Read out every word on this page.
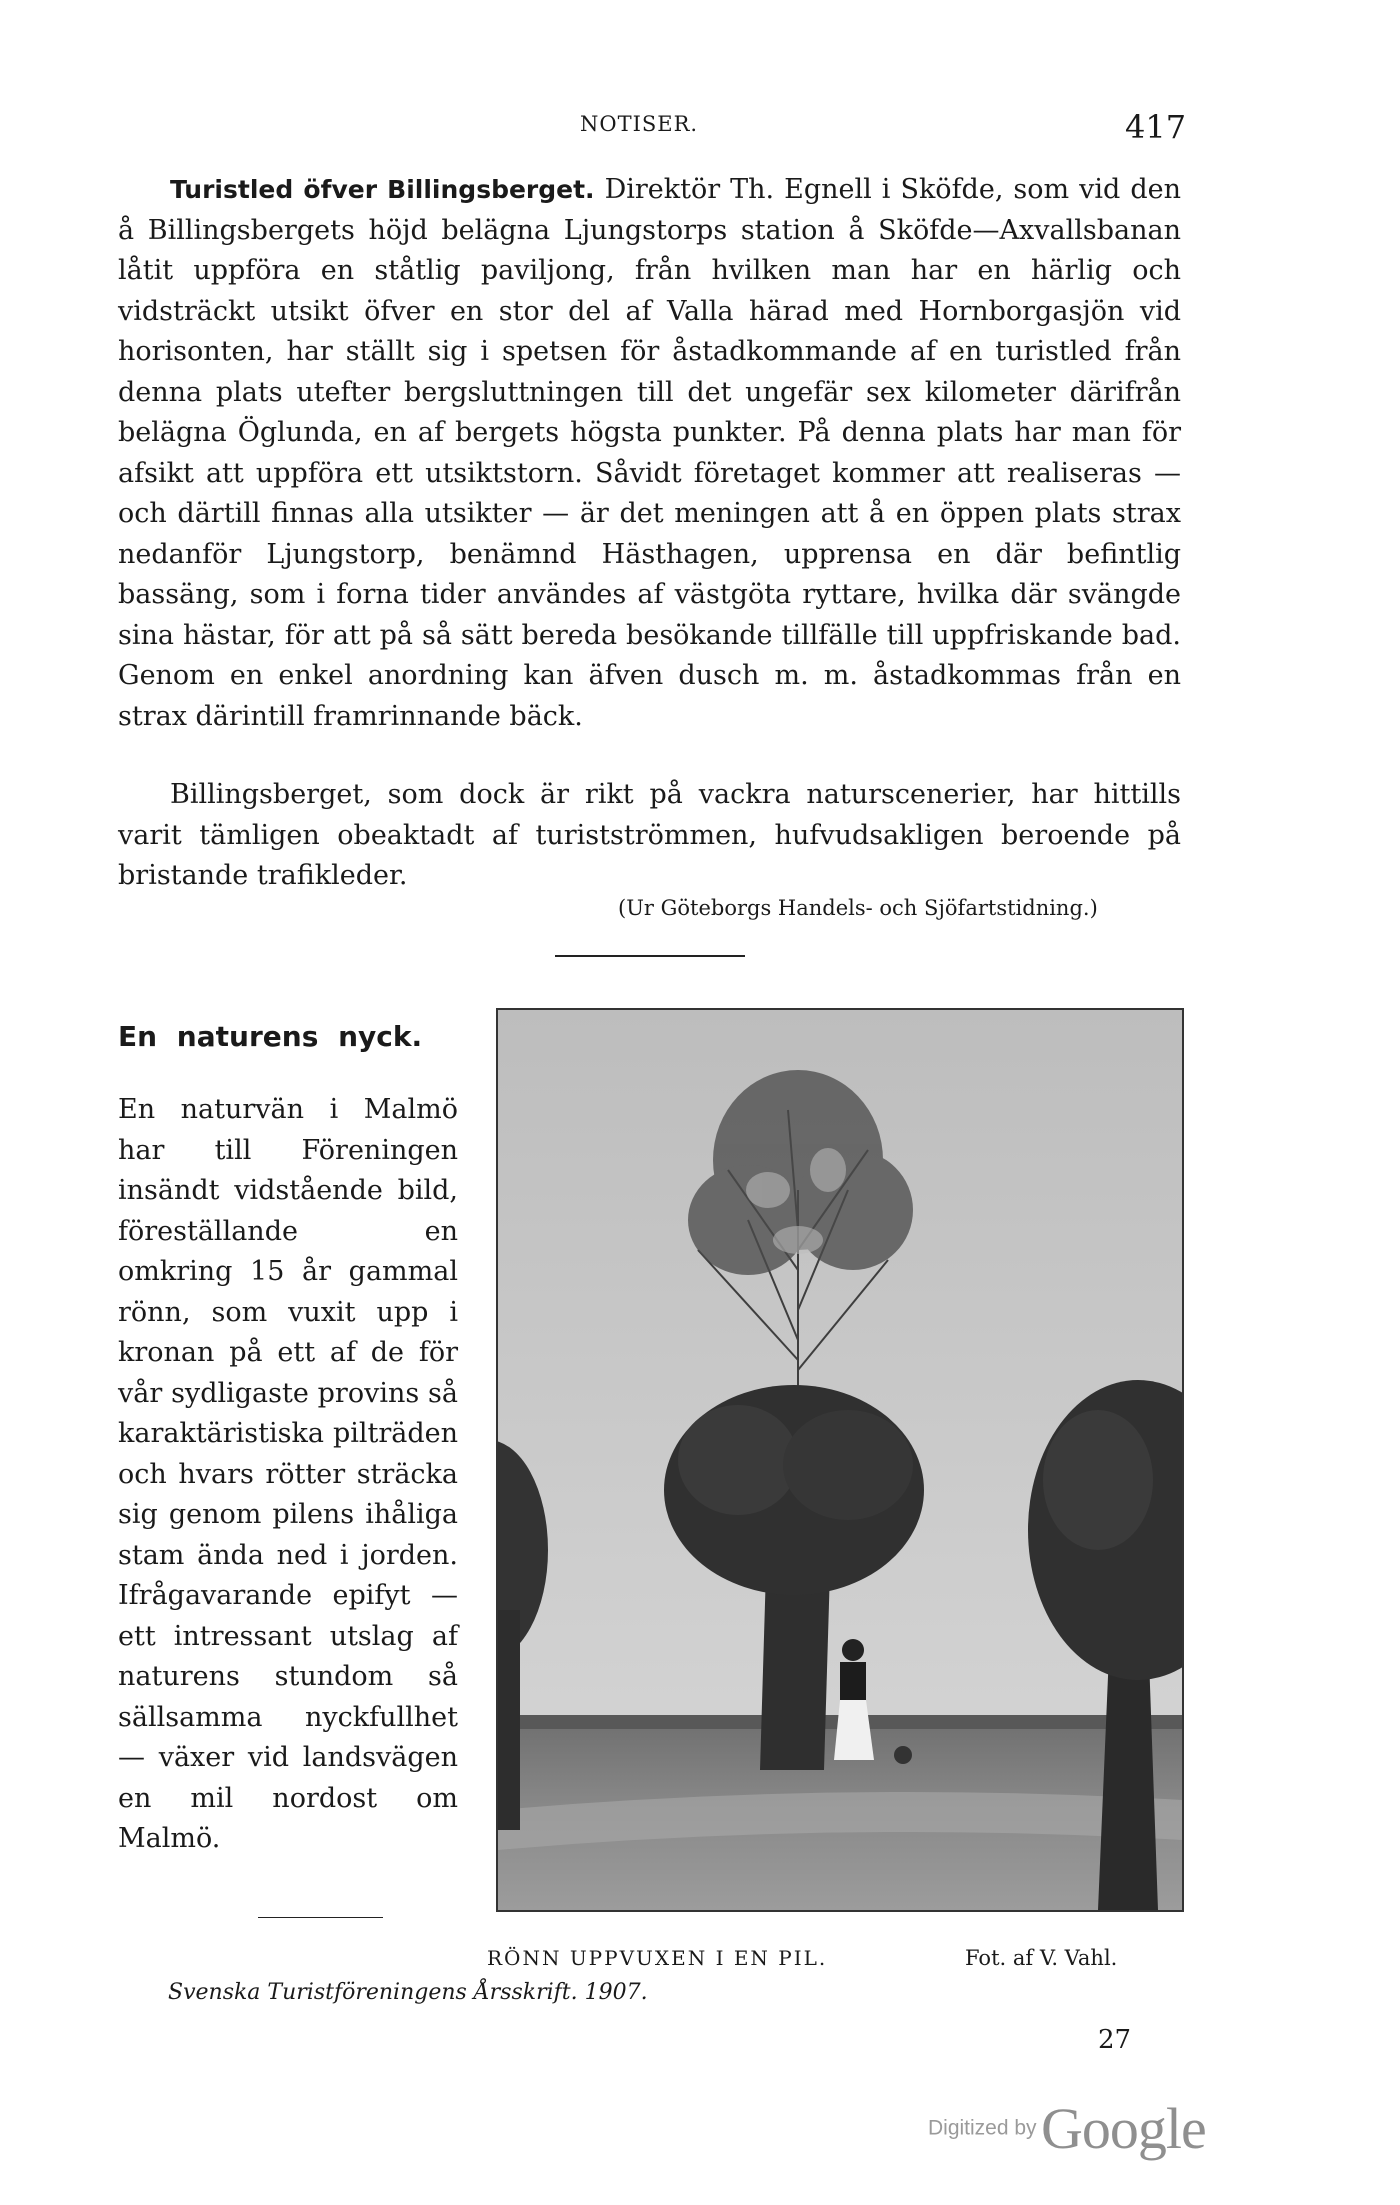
NOTISER.	417

Turistled öfver Billingsberget. Direktör Th. Egnell i Sköfde, som vid den å Billingsbergets höjd belägna Ljungstorps station å Sköfde—Axvallsbanan låtit uppföra en ståtlig paviljong, från hvilken man har en härlig och vidsträckt utsikt öfver en stor del af Valla härad med Hornborgasjön vid horisonten, har ställt sig i spetsen för åstadkommande af en turistled från denna plats utefter bergsluttningen till det ungefär sex kilometer därifrån belägna Öglunda, en af bergets högsta punkter. På denna plats har man för afsikt att uppföra ett utsiktstorn. Såvidt företaget kommer att realiseras — och därtill finnas alla utsikter — är det meningen att å en öppen plats strax nedanför Ljungstorp, benämnd Hästhagen, upprensa en där befintlig bassäng, som i forna tider användes af västgöta ryttare, hvilka där svängde sina hästar, för att på så sätt bereda besökande tillfälle till uppfriskande bad. Genom en enkel anordning kan äfven dusch m. m. åstadkommas från en strax därintill framrinnande bäck.

Billingsberget, som dock är rikt på vackra naturscenerier, har hittills varit tämligen obeaktadt af turistströmmen, hufvudsakligen beroende på bristande trafikleder.

(Ur Göteborgs Handels- och Sjöfartstidning.)
En naturens nyck.

En naturvän i Malmö har till Föreningen insändt vidstående bild, föreställande en omkring 15 år gammal rönn, som vuxit upp i kronan på ett af de för vår sydligaste provins så karaktäristiska pilträden och hvars rötter sträcka sig genom pilens ihåliga stam ända ned i jorden. Ifrågavarande epifyt — ett intressant utslag af naturens stundom så sällsamma nyckfullhet — växer vid landsvägen en mil nordost om Malmö.

RÖNN UPPVUXEN I EN PIL.	Fot. af V. Vahl.
Svenska Turistföreningens Årsskrift. 1907.
27
Digitized by Google
